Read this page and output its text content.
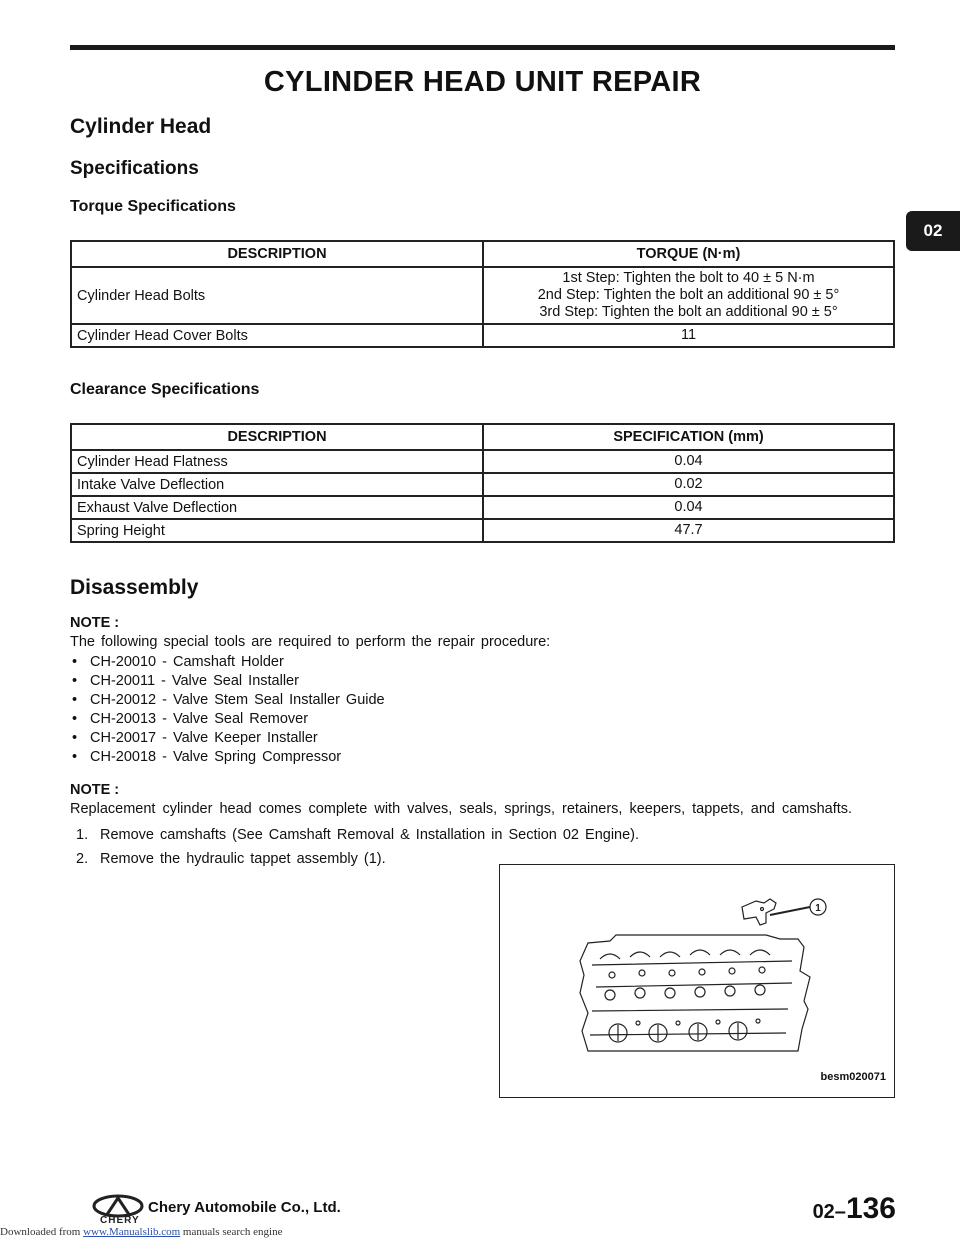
CYLINDER HEAD UNIT REPAIR
Cylinder Head
Specifications
02
Torque Specifications
DESCRIPTION	TORQUE (N·m)
Cylinder Head Bolts	1st Step: Tighten the bolt to 40 ± 5 N·m
2nd Step: Tighten the bolt an additional 90 ± 5°
3rd Step: Tighten the bolt an additional 90 ± 5°

Cylinder Head Cover Bolts	11
Clearance Specifications
DESCRIPTION	SPECIFICATION (mm)
Cylinder Head Flatness	0.04
Intake Valve Deflection	0.02
Exhaust Valve Deflection	0.04
Spring Height	47.7
Disassembly
NOTE :
The following special tools are required to perform the repair procedure:
• CH-20010 - Camshaft Holder
• CH-20011 - Valve Seal Installer
• CH-20012 - Valve Stem Seal Installer Guide
• CH-20013 - Valve Seal Remover
• CH-20017 - Valve Keeper Installer
• CH-20018 - Valve Spring Compressor
NOTE :
Replacement cylinder head comes complete with valves, seals, springs, retainers, keepers, tappets, and camshafts.
1. Remove camshafts (See Camshaft Removal & Installation in Section 02 Engine).
2. Remove the hydraulic tappet assembly (1).
1
besm020071
Downloaded from www.Manualslib.com manuals search engine
CHERY
Chery Automobile Co., Ltd.	02–136
